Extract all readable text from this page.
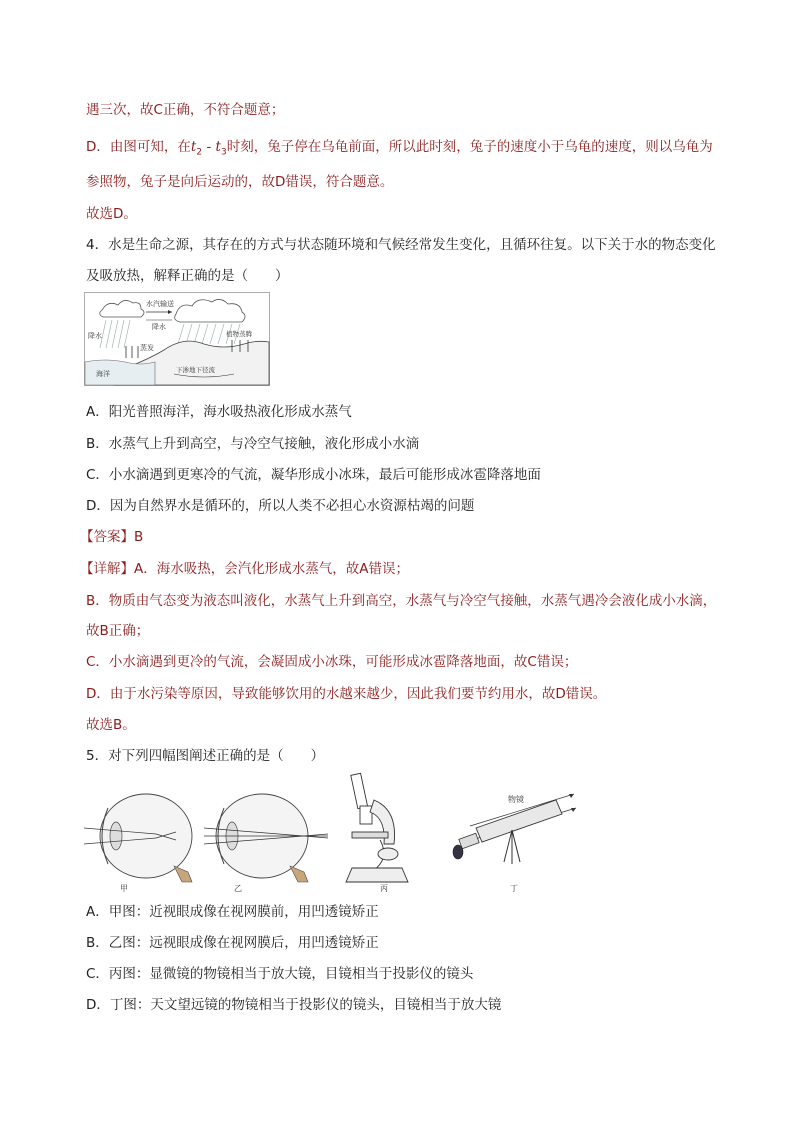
遇三次，故C正确，不符合题意；
D．由图可知，在$t_2 - t_3$时刻，兔子停在乌龟前面，所以此时刻，兔子的速度小于乌龟的速度，则以乌龟为
参照物，兔子是向后运动的，故D错误，符合题意。
故选D。
4．水是生命之源，其存在的方式与状态随环境和气候经常发生变化，且循环往复。以下关于水的物态变化
及吸放热，解释正确的是（　　）
水汽输送
降水
降水
海洋
蒸发
植物蒸腾
下渗地下径流
A．阳光普照海洋，海水吸热液化形成水蒸气
B．水蒸气上升到高空，与冷空气接触，液化形成小水滴
C．小水滴遇到更寒冷的气流，凝华形成小冰珠，最后可能形成冰雹降落地面
D．因为自然界水是循环的，所以人类不必担心水资源枯竭的问题
【答案】B
【详解】A．海水吸热，会汽化形成水蒸气，故A错误；
B．物质由气态变为液态叫液化，水蒸气上升到高空，水蒸气与冷空气接触，水蒸气遇冷会液化成小水滴，
故B正确；
C．小水滴遇到更冷的气流，会凝固成小冰珠，可能形成冰雹降落地面，故C错误；
D．由于水污染等原因，导致能够饮用的水越来越少，因此我们要节约用水，故D错误。
故选B。
5．对下列四幅图阐述正确的是（　　）
甲	乙	丙
物镜
丁
A．甲图：近视眼成像在视网膜前，用凹透镜矫正
B．乙图：远视眼成像在视网膜后，用凹透镜矫正
C．丙图：显微镜的物镜相当于放大镜，目镜相当于投影仪的镜头
D．丁图：天文望远镜的物镜相当于投影仪的镜头，目镜相当于放大镜
